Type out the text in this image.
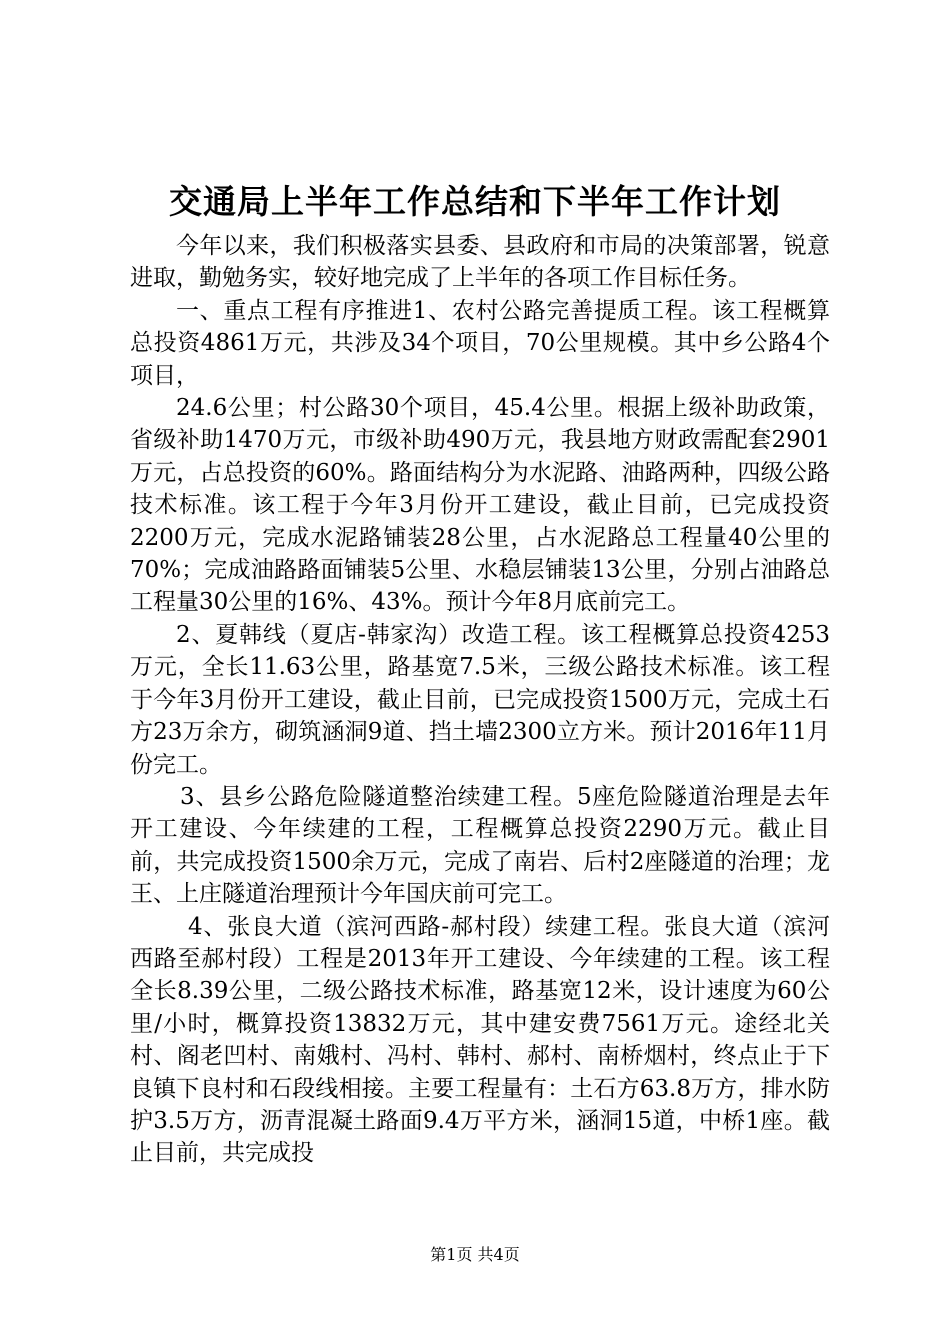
交通局上半年工作总结和下半年工作计划

今年以来，我们积极落实县委、县政府和市局的决策部署，锐意进取，勤勉务实，较好地完成了上半年的各项工作目标任务。

一、重点工程有序推进1、农村公路完善提质工程。该工程概算总投资4861万元，共涉及34个项目，70公里规模。其中乡公路4个项目，

24.6公里；村公路30个项目，45.4公里。根据上级补助政策，省级补助1470万元，市级补助490万元，我县地方财政需配套2901万元，占总投资的60%。路面结构分为水泥路、油路两种，四级公路技术标准。该工程于今年3月份开工建设，截止目前，已完成投资2200万元，完成水泥路铺装28公里，占水泥路总工程量40公里的70%；完成油路路面铺装5公里、水稳层铺装13公里，分别占油路总工程量30公里的16%、43%。预计今年8月底前完工。

2、夏韩线（夏店-韩家沟）改造工程。该工程概算总投资4253万元，全长11.63公里，路基宽7.5米，三级公路技术标准。该工程于今年3月份开工建设，截止目前，已完成投资1500万元，完成土石方23万余方，砌筑涵洞9道、挡土墙2300立方米。预计2016年11月份完工。

3、县乡公路危险隧道整治续建工程。5座危险隧道治理是去年开工建设、今年续建的工程，工程概算总投资2290万元。截止目前，共完成投资1500余万元，完成了南岩、后村2座隧道的治理；龙王、上庄隧道治理预计今年国庆前可完工。

4、张良大道（滨河西路-郝村段）续建工程。张良大道（滨河西路至郝村段）工程是2013年开工建设、今年续建的工程。该工程全长8.39公里，二级公路技术标准，路基宽12米，设计速度为60公里/小时，概算投资13832万元，其中建安费7561万元。途经北关村、阁老凹村、南娥村、冯村、韩村、郝村、南桥烟村，终点止于下良镇下良村和石段线相接。主要工程量有：土石方63.8万方，排水防护3.5万方，沥青混凝土路面9.4万平方米，涵洞15道，中桥1座。截止目前，共完成投

第1页 共4页
